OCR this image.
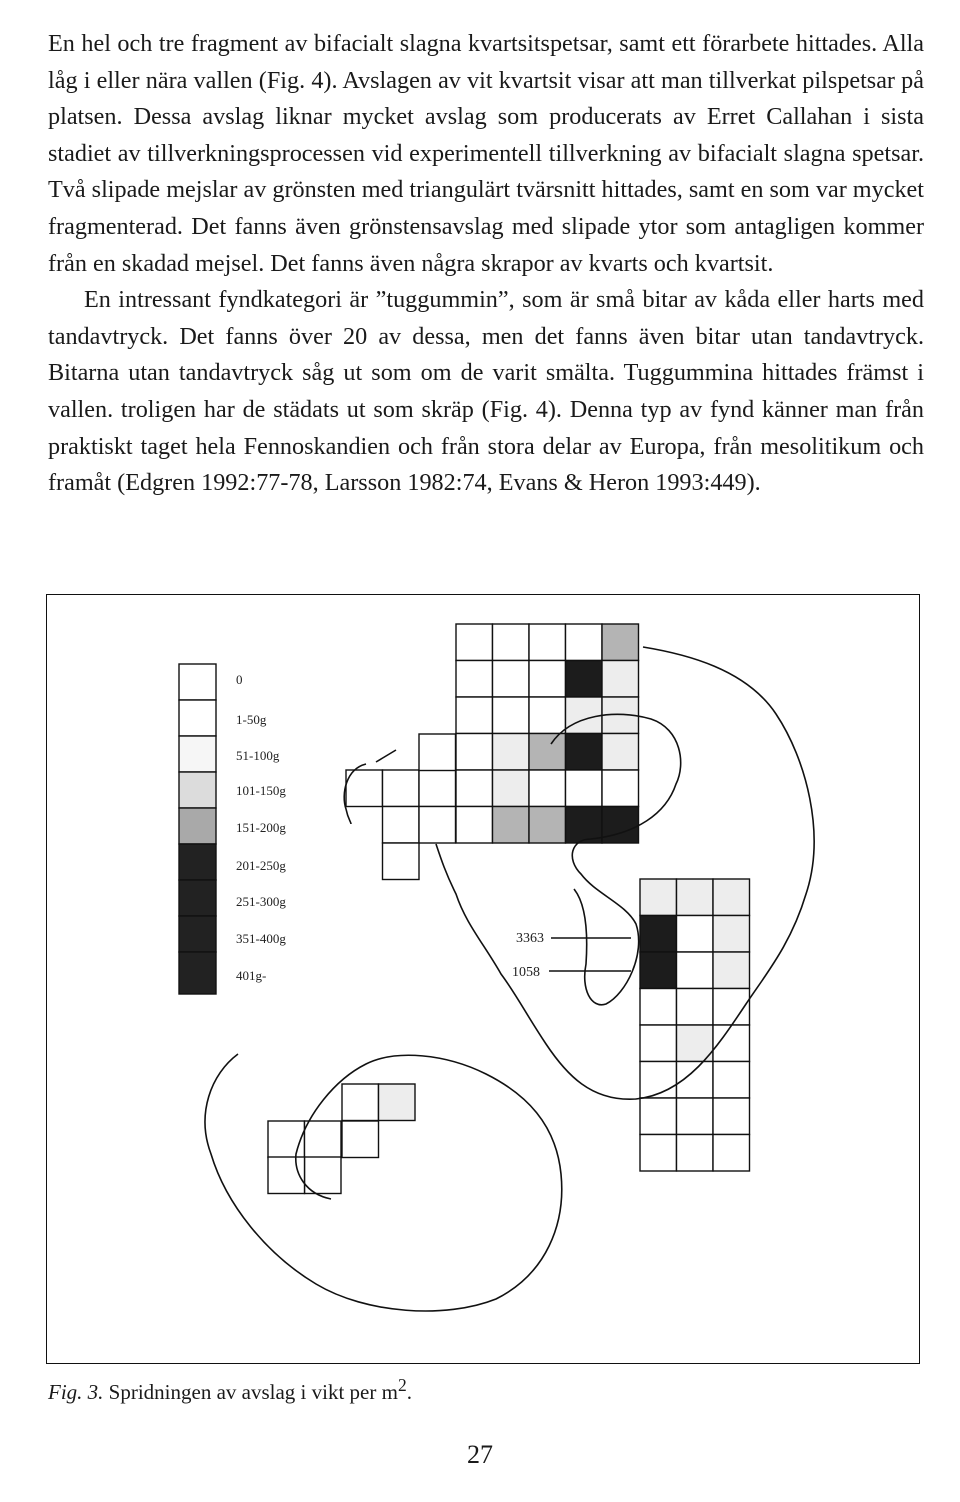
En hel och tre fragment av bifacialt slagna kvartsitspetsar, samt ett förarbete hittades. Alla låg i eller nära vallen (Fig. 4). Avslagen av vit kvartsit visar att man tillverkat pilspetsar på platsen. Dessa avslag liknar mycket avslag som producerats av Erret Callahan i sista stadiet av tillverkningsprocessen vid experimentell tillverkning av bifacialt slagna spetsar. Två slipade mejslar av grönsten med triangulärt tvärsnitt hittades, samt en som var mycket fragmenterad. Det fanns även grönstensavslag med slipade ytor som antagligen kommer från en skadad mejsel. Det fanns även några skrapor av kvarts och kvartsit.

En intressant fyndkategori är ”tuggummin”, som är små bitar av kåda eller harts med tandavtryck. Det fanns över 20 av dessa, men det fanns även bitar utan tandavtryck. Bitarna utan tandavtryck såg ut som om de varit smälta. Tuggummina hittades främst i vallen. troligen har de städats ut som skräp (Fig. 4). Denna typ av fynd känner man från praktiskt taget hela Fennoskandien och från stora delar av Europa, från mesolitikum och framåt (Edgren 1992:77-78, Larsson 1982:74, Evans & Heron 1993:449).

0
1-50g
51-100g
101-150g
151-200g
201-250g
251-300g
351-400g
401g-
3363
1058
Fig. 3. Spridningen av avslag i vikt per $m^2$.
27
